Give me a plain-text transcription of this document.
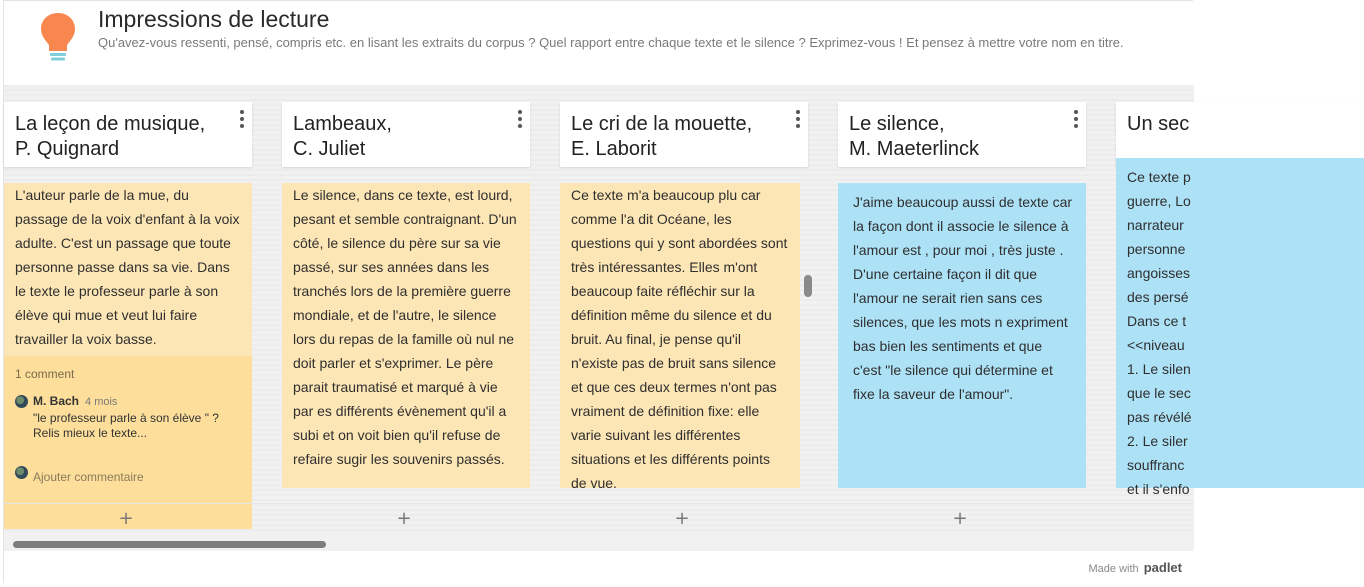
Impressions de lecture
Qu'avez-vous ressenti, pensé, compris etc. en lisant les extraits du corpus ? Quel rapport entre chaque texte et le silence ? Exprimez-vous ! Et pensez à mettre votre nom en titre.
La leçon de musique,
P. Quignard
L'auteur parle de la mue, du passage de la voix d'enfant à la voix adulte. C'est un passage que toute personne passe dans sa vie. Dans le texte le professeur parle à son élève qui mue et veut lui faire travailler la voix basse.
1 comment
M. Bach 4 mois
"le professeur parle à son élève " ?
Relis mieux le texte...
Ajouter commentaire
Lambeaux,
C. Juliet
Le silence, dans ce texte, est lourd, pesant et semble contraignant. D'un côté, le silence du père sur sa vie passé, sur ses années dans les tranchés lors de la première guerre mondiale, et de l'autre, le silence lors du repas de la famille où nul ne doit parler et s'exprimer. Le père parait traumatisé et marqué à vie par es différents évènement qu'il a subi et on voit bien qu'il refuse de refaire sugir les souvenirs passés.
Le cri de la mouette,
E. Laborit
Ce texte m'a beaucoup plu car comme l'a dit Océane, les questions qui y sont abordées sont très intéressantes. Elles m'ont beaucoup faite réfléchir sur la définition même du silence et du bruit. Au final, je pense qu'il n'existe pas de bruit sans silence et que ces deux termes n'ont pas vraiment de définition fixe: elle varie suivant les différentes situations et les différents points de vue.
Le silence,
M. Maeterlinck
J'aime beaucoup aussi de texte car la façon dont il associe le silence à l'amour est , pour moi , très juste .
D'une certaine façon il dit que l'amour ne serait rien sans ces silences, que les mots n expriment bas bien les sentiments et que c'est "le silence qui détermine et fixe la saveur de l'amour".
Un sec
Ce texte p
guerre, Lo
narrateur
personne
angoisses
des persé
Dans ce t
<<niveau
1. Le silen
que le sec
pas révélé
2. Le siler
souffranc
et il s'enfo
+	+	+	+
Made with padlet
